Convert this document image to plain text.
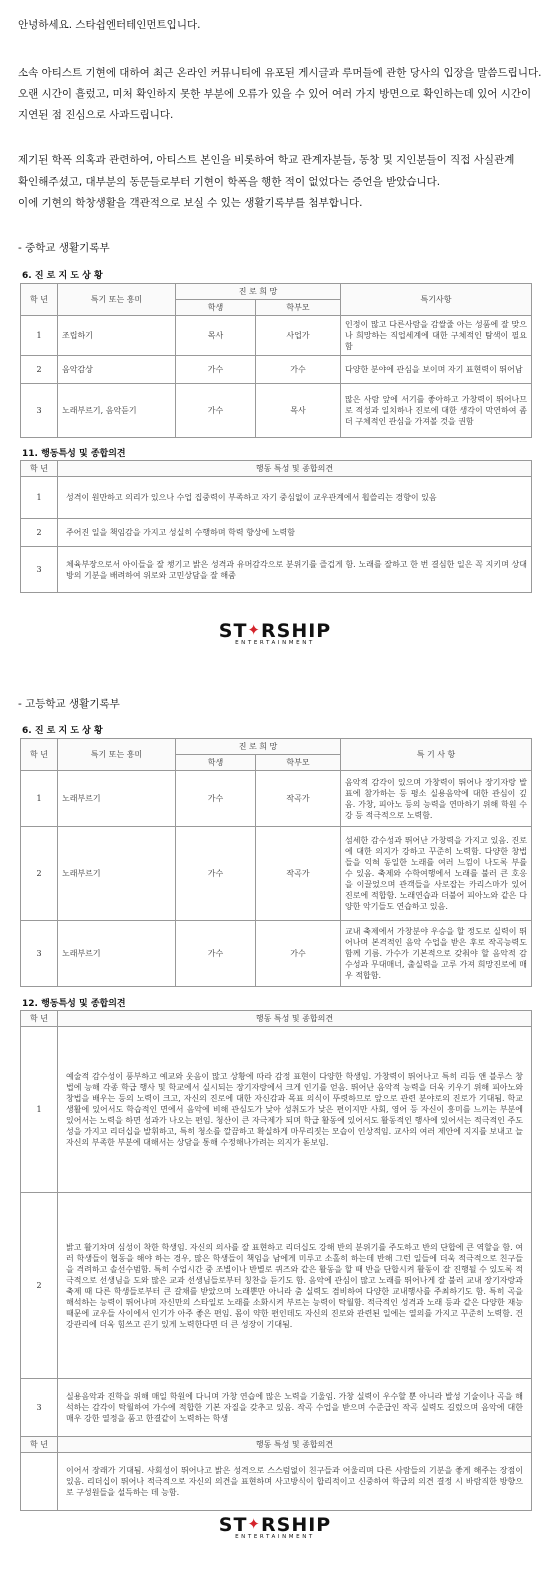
안녕하세요. 스타쉽엔터테인먼트입니다.
소속 아티스트 기현에 대하여 최근 온라인 커뮤니티에 유포된 게시글과 루머들에 관한 당사의 입장을 말씀드립니다.
오랜 시간이 흘렀고, 미처 확인하지 못한 부분에 오류가 있을 수 있어 여러 가지 방면으로 확인하는데 있어 시간이
지연된 점 진심으로 사과드립니다.
제기된 학폭 의혹과 관련하여, 아티스트 본인을 비롯하여 학교 관계자분들, 동창 및 지인분들이 직접 사실관계
확인해주셨고, 대부분의 동문들로부터 기현이 학폭을 행한 적이 없었다는 증언을 받았습니다.
이에 기현의 학창생활을 객관적으로 보실 수 있는 생활기록부를 첨부합니다.
- 중학교 생활기록부
6. 진 로 지 도 상 황
학 년	특기 또는 흥미	진 로 희 망		특기사항
		학생	학부모	
1	조립하기	목사	사업가	인정이 많고 다른사람을 감쌀줄 아는 성품에 잘 맞으나 희망하는 직업세계에 대한 구체적인 탐색이 필요함
2	음악감상	가수	가수	다양한 분야에 관심을 보이며 자기 표현력이 뛰어남
3	노래부르기, 음악듣기	가수	목사	많은 사람 앞에 서기를 좋아하고 가창력이 뛰어나므로 적성과 일치하나 진로에 대한 생각이 막연하여 좀더 구체적인 관심을 가져볼 것을 권함
11. 행동특성 및 종합의견
학 년	행동 특성 및 종합의견
1	성격이 원만하고 의리가 있으나 수업 집중력이 부족하고 자기 중심없이 교우관계에서 휩쓸리는 경향이 있음
2	주어진 일을 책임감을 가지고 성실히 수행하며 학력 향상에 노력함
3	체육부장으로서 아이들을 잘 챙기고 밝은 성격과 유머감각으로 분위기를 즐겁게 함. 노래를 잘하고 한 번 결심한 일은 꼭 지키며 상대방의 기분을 배려하여 위로와 고민상담을 잘 해줌
ST✦RSHIP
ENTERTAINMENT
- 고등학교 생활기록부
6. 진 로 지 도 상 황
학 년	특기 또는 흥미	진 로 희 망		특 기 사 항
		학생	학부모	
1	노래부르기	가수	작곡가	음악적 감각이 있으며 가창력이 뛰어나 장기자랑 발표에 참가하는 등 평소 실용음악에 대한 관심이 깊음. 가창, 피아노 등의 능력을 연마하기 위해 학원 수강 등 적극적으로 노력함.
2	노래부르기	가수	작곡가	섬세한 감수성과 뛰어난 가창력을 가지고 있음. 진로에 대한 의지가 강하고 꾸준히 노력함. 다양한 창법들을 익혀 동일한 노래를 여러 느낌이 나도록 부를 수 있음. 축제와 수학여행에서 노래를 불러 큰 호응을 이끌었으며 관객들을 사로잡는 카리스마가 있어 진로에 적합함. 노래연습과 더불어 피아노와 같은 다양한 악기들도 연습하고 있음.
3	노래부르기	가수	가수	교내 축제에서 가창분야 우승을 할 정도로 실력이 뛰어나며 본격적인 음악 수업을 받은 후로 작곡능력도 함께 기름. 가수가 기본적으로 갖춰야 할 음악적 감수성과 무대매너, 출실력을 고루 가져 희망진로에 매우 적합함.
12. 행동특성 및 종합의견
학 년	행동 특성 및 종합의견
1	예술적 감수성이 풍부하고 예교와 웃음이 많고 상황에 따라 감정 표현이 다양한 학생임. 가창력이 뛰어나고 특히 리듬 앤 블루스 창법에 능해 각종 학급 행사 및 학교에서 실시되는 장기자랑에서 크게 인기를 얻음. 뛰어난 음악적 능력을 더욱 키우기 위해 피아노와 창법을 배우는 등의 노력이 크고, 자신의 진로에 대한 자신감과 목표 의식이 뚜렷하므로 앞으로 관련 분야로의 진로가 기대됨. 학교 생활에 있어서도 학습적인 면에서 음악에 비해 관심도가 낮아 성취도가 낮은 편이지만 사회, 영어 등 자신이 흥미를 느끼는 부분에 있어서는 노력을 하면 성과가 나오는 편임. 청산이 큰 자극제가 되며 학급 활동에 있어서도 활동적인 행사에 있어서는 적극적인 주도성을 가지고 리더십을 발휘하고, 특히 청소를 깔끔하고 확실하게 마무리짓는 모습이 인상적임. 교사의 여러 제안에 지지를 보내고 늘 자신의 부족한 부분에 대해서는 상담을 통해 수정해나가려는 의지가 돋보임.
2	밝고 활기차며 심성이 착한 학생임. 자신의 의사를 잘 표현하고 리더십도 강해 반의 분위기를 주도하고 반의 단합에 큰 역할을 함. 여러 학생들이 협동을 해야 하는 경우, 많은 학생들이 책임을 남에게 미루고 소홀히 하는데 반해 그런 일들에 더욱 적극적으로 친구들을 격려하고 솔선수범함. 특히 수업시간 중 조별이나 반별로 퀴즈와 같은 활동을 할 때 반을 단합시켜 활동이 잘 진행될 수 있도록 적극적으로 선생님을 도와 많은 교과 선생님들로부터 칭찬을 듣기도 함. 음악에 관심이 많고 노래를 뛰어나게 잘 불러 교내 장기자랑과 축제 때 다른 학생들로부터 큰 갈채를 받았으며 노래뿐만 아니라 춤 실력도 겸비하여 다양한 교내행사를 주최하기도 함. 특히 곡을 해석하는 능력이 뛰어나며 자신만의 스타일로 노래를 소화시켜 부르는 능력이 탁월함. 적극적인 성격과 노래 등과 같은 다양한 재능 때문에 교우들 사이에서 인기가 아주 좋은 편임. 몸이 약한 편인데도 자신의 진로와 관련된 일에는 열의를 가지고 꾸준히 노력함. 건강관리에 더욱 힘쓰고 끈기 있게 노력한다면 더 큰 성장이 기대됨.
3	실용음악과 진학을 위해 매일 학원에 다니며 가창 연습에 많은 노력을 기울임. 가창 실력이 우수할 뿐 아니라 발성 기술이나 곡을 해석하는 감각이 탁월하여 가수에 적합한 기본 자질을 갖추고 있음. 작곡 수업을 받으며 수준급인 작곡 실력도 길렀으며 음악에 대한 매우 강한 열정을 품고 한결같이 노력하는 학생
학 년	행동 특성 및 종합의견
	이어서 장래가 기대됨. 사회성이 뛰어나고 밝은 성격으로 스스럼없이 친구들과 어울리며 다른 사람들의 기분을 좋게 해주는 장점이 있음. 리더십이 뛰어나 적극적으로 자신의 의견을 표현하며 사고방식이 합리적이고 신중하여 학급의 의견 결정 시 바람직한 방향으로 구성원들을 설득하는 데 능함.
ST✦RSHIP
ENTERTAINMENT
